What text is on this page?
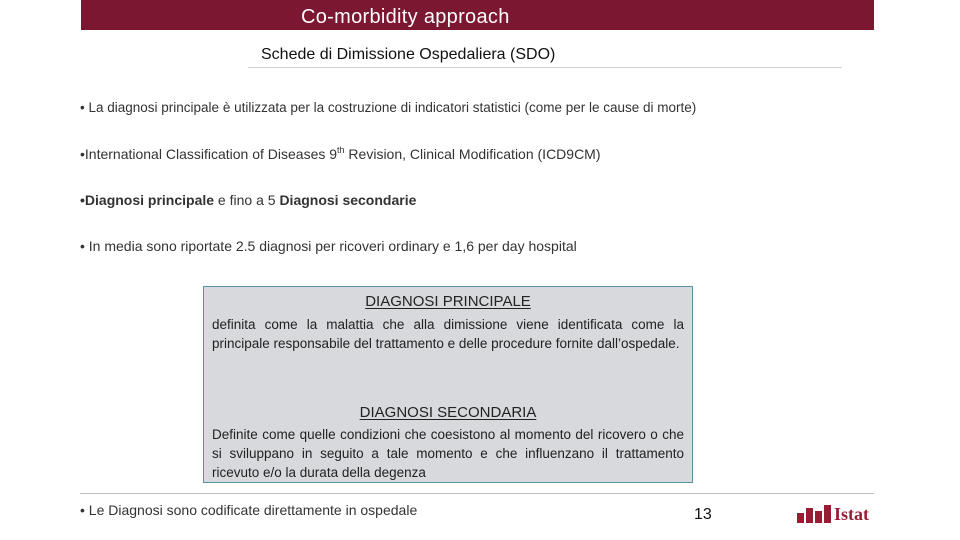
Co-morbidity approach
Schede di Dimissione Ospedaliera (SDO)
• La diagnosi principale è utilizzata per la costruzione di indicatori statistici (come per le cause di morte)
•International Classification of Diseases 9th Revision, Clinical Modification (ICD9CM)
•Diagnosi principale e fino a 5 Diagnosi secondarie
• In media sono riportate 2.5 diagnosi per ricoveri ordinary e 1,6 per day hospital
DIAGNOSI PRINCIPALE
definita come la malattia che alla dimissione viene identificata come la principale responsabile del trattamento e delle procedure fornite dall’ospedale.
DIAGNOSI SECONDARIA
Definite come quelle condizioni che coesistono al momento del ricovero o che si sviluppano in seguito a tale momento e che influenzano il trattamento ricevuto e/o la durata della degenza
• Le Diagnosi sono codificate direttamente in ospedale	13	Istat
